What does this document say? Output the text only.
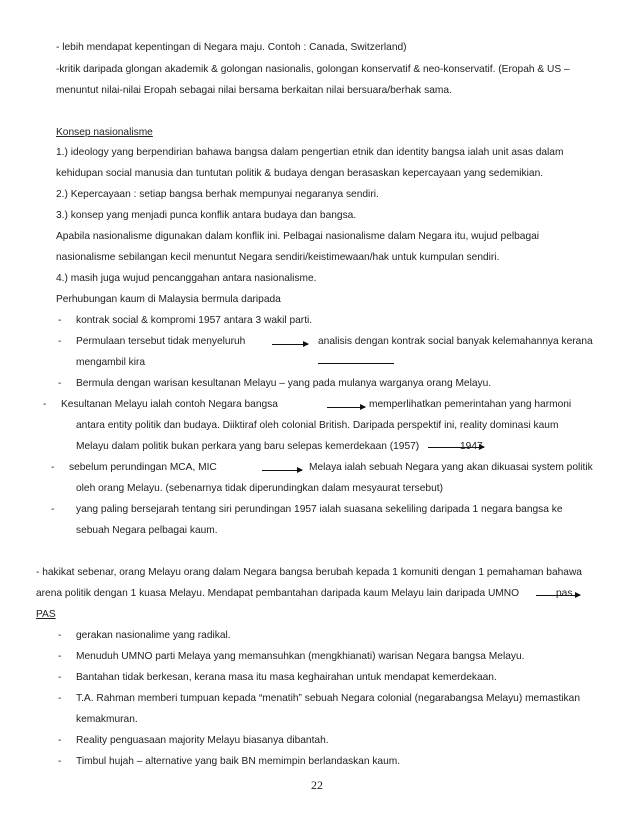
- lebih mendapat kepentingan di Negara maju. Contoh : Canada, Switzerland)
-kritik daripada glongan akademik & golongan nasionalis, golongan konservatif & neo-konservatif. (Eropah & US –
menuntut nilai-nilai Eropah sebagai nilai bersama berkaitan nilai bersuara/berhak sama.
Konsep nasionalisme
1.) ideology yang berpendirian bahawa bangsa dalam pengertian etnik dan identity bangsa ialah unit asas dalam
kehidupan social manusia dan tuntutan politik & budaya dengan berasaskan kepercayaan yang sedemikian.
2.) Kepercayaan : setiap bangsa berhak mempunyai negaranya sendiri.
3.) konsep yang menjadi punca konflik antara budaya dan bangsa.
Apabila nasionalisme digunakan dalam konflik ini. Pelbagai nasionalisme dalam Negara itu, wujud pelbagai
nasionalisme sebilangan kecil menuntut Negara sendiri/keistimewaan/hak untuk kumpulan sendiri.
4.) masih juga wujud pencanggahan antara nasionalisme.
Perhubungan kaum di Malaysia bermula daripada
- kontrak social & kompromi 1957 antara 3 wakil parti.
- Permulaan tersebut tidak menyeluruh	analisis dengan kontrak social banyak kelemahannya kerana
mengambil kira
- Bermula dengan warisan kesultanan Melayu – yang pada mulanya warganya orang Melayu.
- Kesultanan Melayu ialah contoh Negara bangsa	memperlihatkan pemerintahan yang harmoni
antara entity politik dan budaya. Diiktiraf oleh colonial British. Daripada perspektif ini, reality dominasi kaum
Melayu dalam politik bukan perkara yang baru selepas kemerdekaan (1957)	1947
- sebelum perundingan MCA, MIC	Melaya ialah sebuah Negara yang akan dikuasai system politik
oleh orang Melayu. (sebenarnya tidak diperundingkan dalam mesyaurat tersebut)
- yang paling bersejarah tentang siri perundingan 1957 ialah suasana sekeliling daripada 1 negara bangsa ke
sebuah Negara pelbagai kaum.
- hakikat sebenar, orang Melayu orang dalam Negara bangsa berubah kepada 1 komuniti dengan 1 pemahaman bahawa
arena politik dengan 1 kuasa Melayu. Mendapat pembantahan daripada kaum Melayu lain daripada UMNO	pas
PAS
- gerakan nasionalime yang radikal.
- Menuduh UMNO parti Melaya yang memansuhkan (mengkhianati) warisan Negara bangsa Melayu.
- Bantahan tidak berkesan, kerana masa itu masa keghairahan untuk mendapat kemerdekaan.
- T.A. Rahman memberi tumpuan kepada “menatih” sebuah Negara colonial (negarabangsa Melayu) memastikan
kemakmuran.
- Reality penguasaan majority Melayu biasanya dibantah.
- Timbul hujah – alternative yang baik BN memimpin berlandaskan kaum.
22
